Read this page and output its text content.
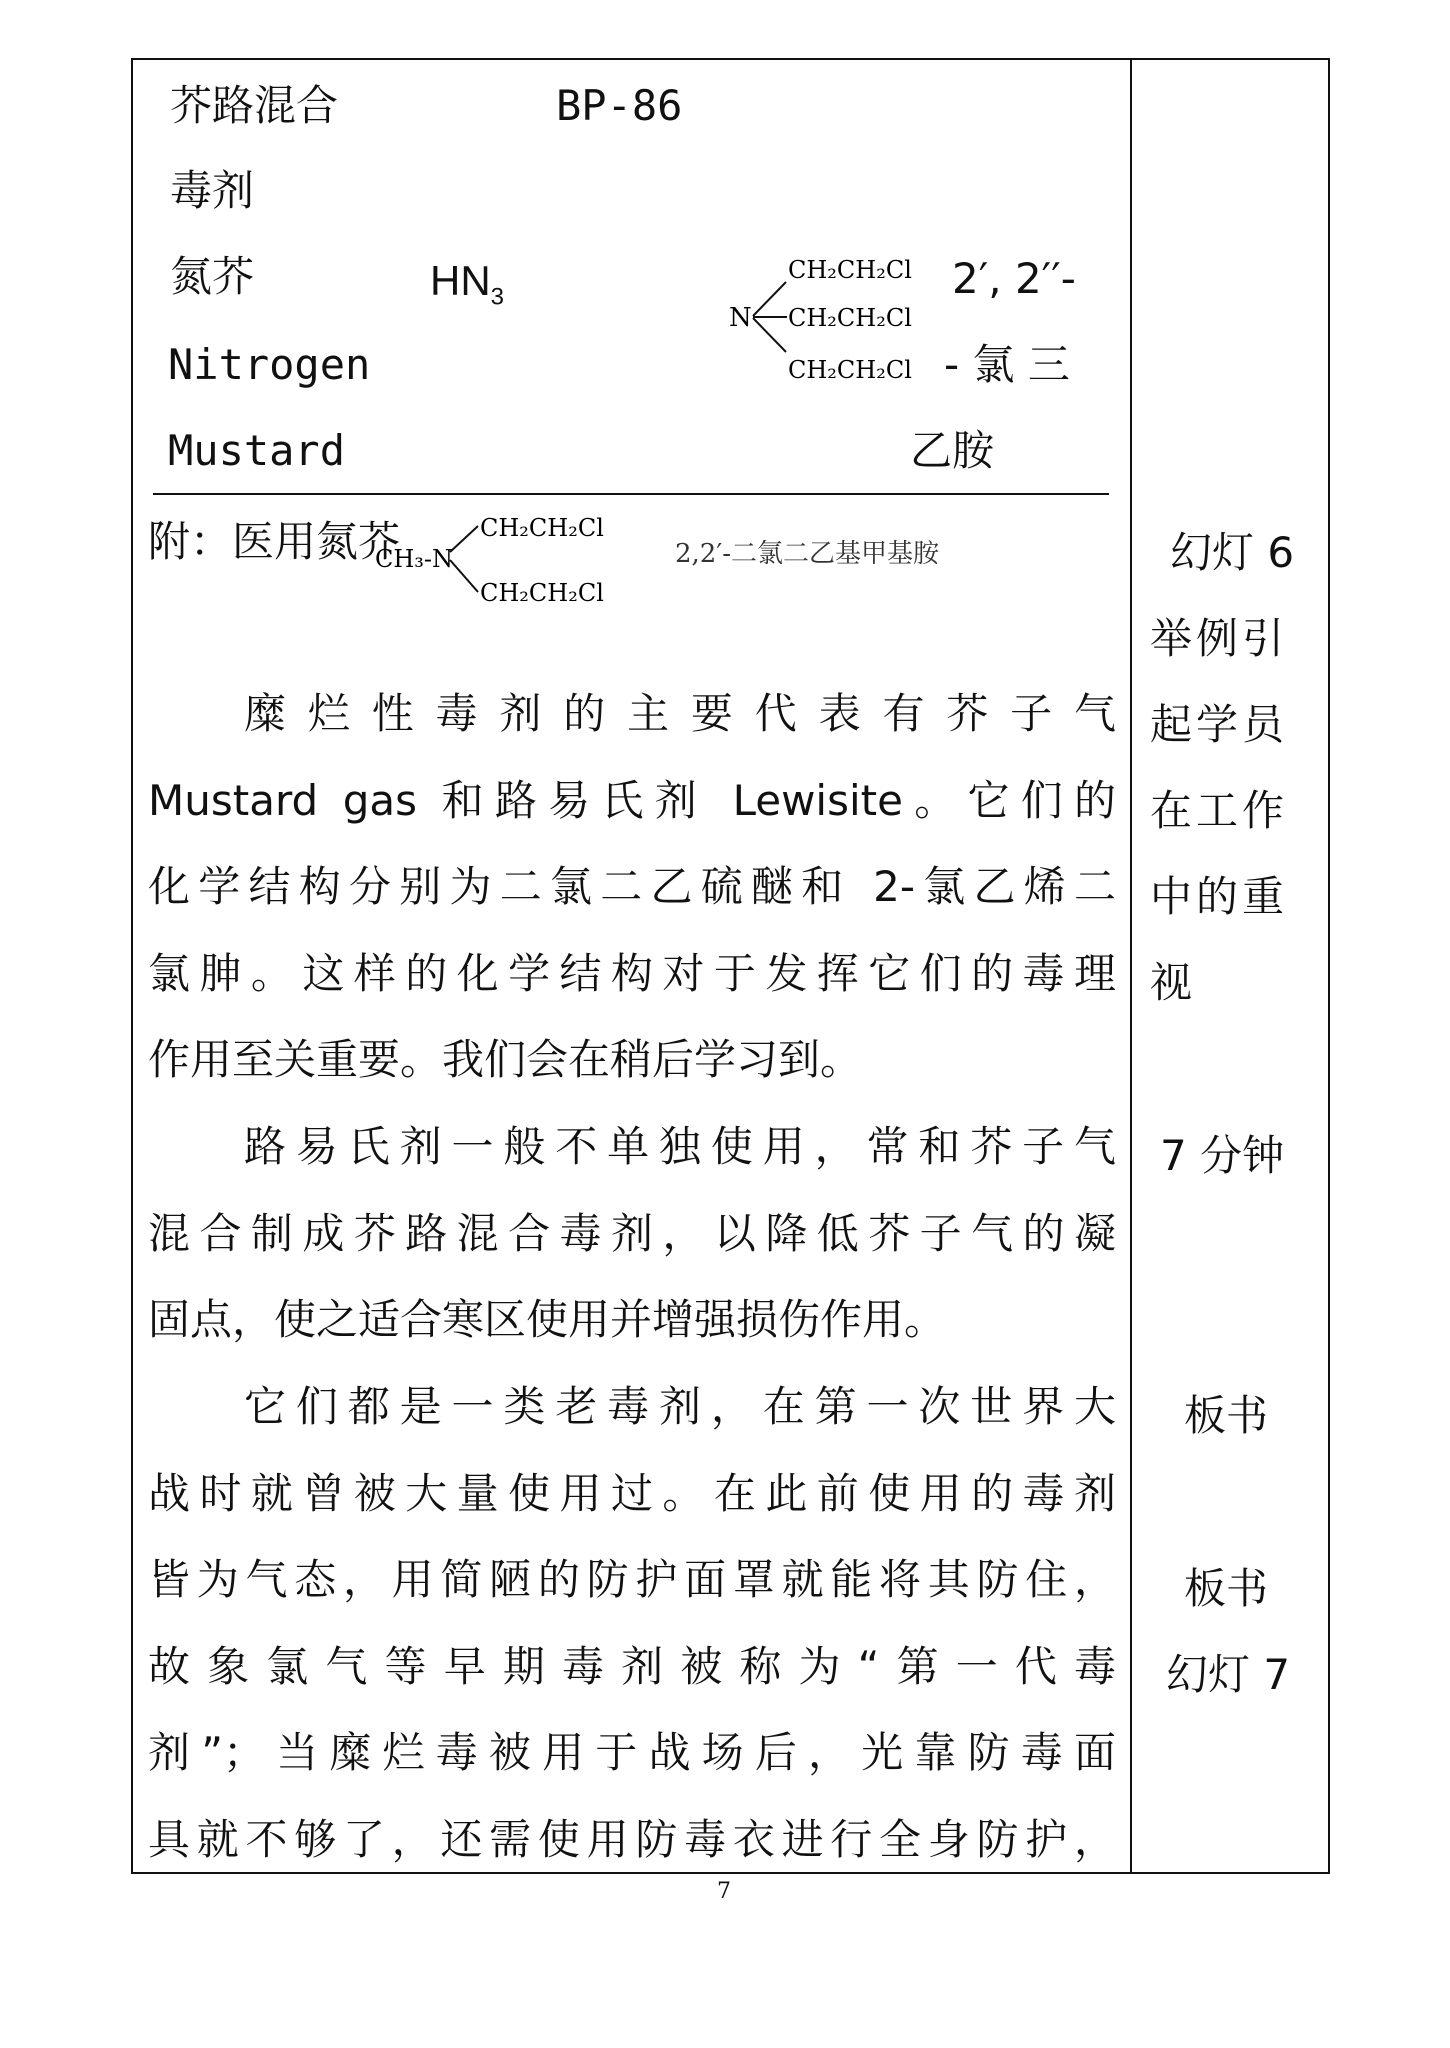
芥路混合	BP-86
毒剂
氮芥	$HN_3$	2′, 2′′-
- 氯 三
乙胺
Nitrogen
Mustard
N
CH₂CH₂Cl
CH₂CH₂Cl
CH₂CH₂Cl
附：医用氮芥
CH₃-N
CH₂CH₂Cl
CH₂CH₂Cl
2,2′-二氯二乙基甲基胺
糜烂性毒剂的主要代表有芥子气
Mustard gas 和路易氏剂 Lewisite。它们的
化学结构分别为二氯二乙硫醚和 2-氯乙烯二
氯胂。这样的化学结构对于发挥它们的毒理
作用至关重要。我们会在稍后学习到。
路易氏剂一般不单独使用，常和芥子气
混合制成芥路混合毒剂，以降低芥子气的凝
固点，使之适合寒区使用并增强损伤作用。
它们都是一类老毒剂，在第一次世界大
战时就曾被大量使用过。在此前使用的毒剂
皆为气态，用简陋的防护面罩就能将其防住，
故象氯气等早期毒剂被称为“第一代毒
剂”；当糜烂毒被用于战场后，光靠防毒面
具就不够了，还需使用防毒衣进行全身防护，
幻灯 6
举例引
起学员
在工作
中的重
视
7 分钟
板书
板书
幻灯 7
7
